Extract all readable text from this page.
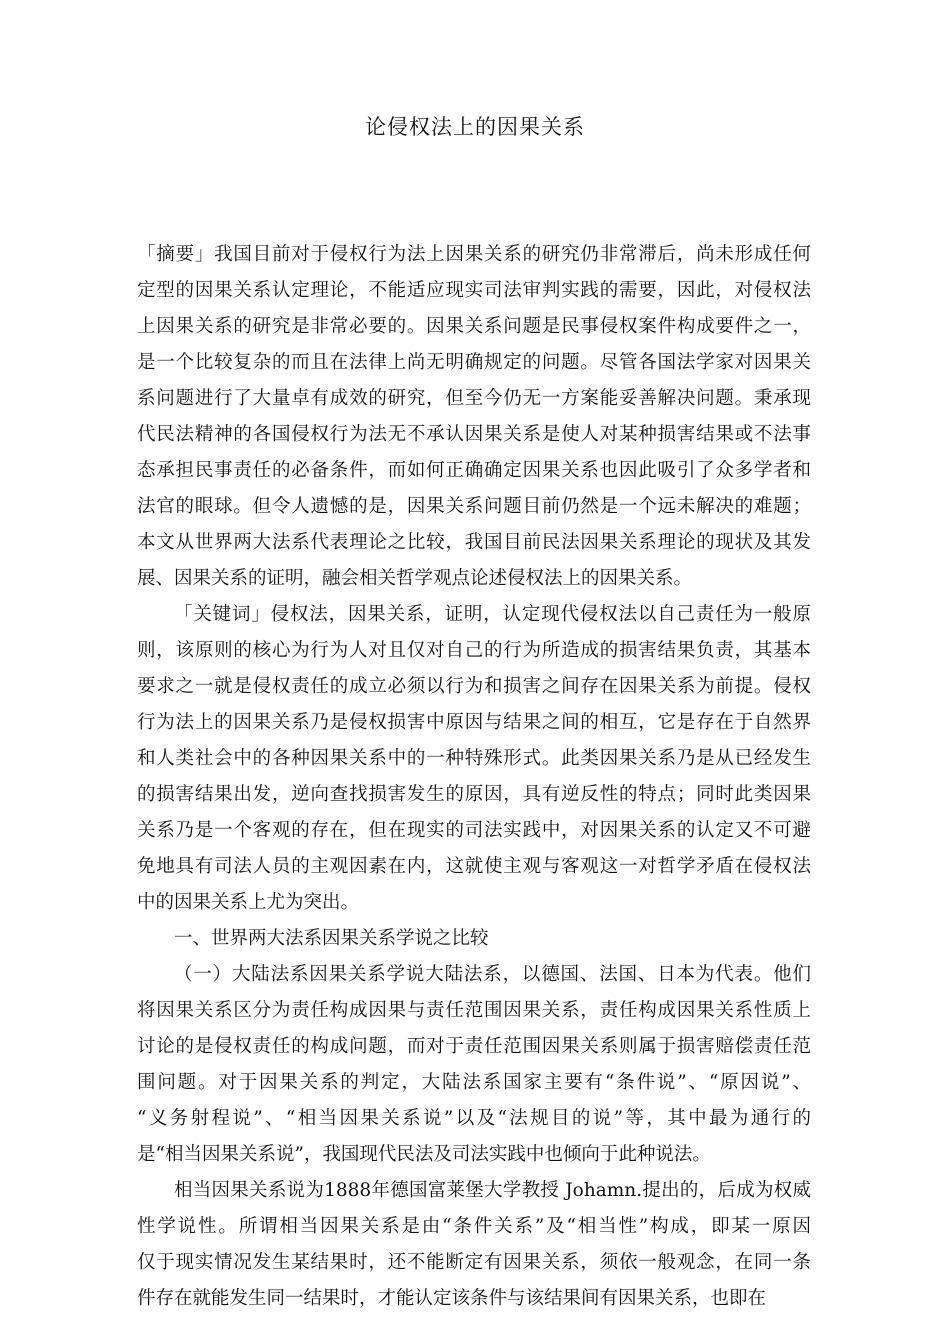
论侵权法上的因果关系
「摘要」我国目前对于侵权行为法上因果关系的研究仍非常滞后，尚未形成任何
定型的因果关系认定理论，不能适应现实司法审判实践的需要，因此，对侵权法
上因果关系的研究是非常必要的。因果关系问题是民事侵权案件构成要件之一，
是一个比较复杂的而且在法律上尚无明确规定的问题。尽管各国法学家对因果关
系问题进行了大量卓有成效的研究，但至今仍无一方案能妥善解决问题。秉承现
代民法精神的各国侵权行为法无不承认因果关系是使人对某种损害结果或不法事
态承担民事责任的必备条件，而如何正确确定因果关系也因此吸引了众多学者和
法官的眼球。但令人遗憾的是，因果关系问题目前仍然是一个远未解决的难题；
本文从世界两大法系代表理论之比较，我国目前民法因果关系理论的现状及其发
展、因果关系的证明，融会相关哲学观点论述侵权法上的因果关系。
「关键词」侵权法，因果关系，证明，认定现代侵权法以自己责任为一般原
则，该原则的核心为行为人对且仅对自己的行为所造成的损害结果负责，其基本
要求之一就是侵权责任的成立必须以行为和损害之间存在因果关系为前提。侵权
行为法上的因果关系乃是侵权损害中原因与结果之间的相互，它是存在于自然界
和人类社会中的各种因果关系中的一种特殊形式。此类因果关系乃是从已经发生
的损害结果出发，逆向查找损害发生的原因，具有逆反性的特点；同时此类因果
关系乃是一个客观的存在，但在现实的司法实践中，对因果关系的认定又不可避
免地具有司法人员的主观因素在内，这就使主观与客观这一对哲学矛盾在侵权法
中的因果关系上尤为突出。
一、世界两大法系因果关系学说之比较
（一）大陆法系因果关系学说大陆法系，以德国、法国、日本为代表。他们
将因果关系区分为责任构成因果与责任范围因果关系，责任构成因果关系性质上
讨论的是侵权责任的构成问题，而对于责任范围因果关系则属于损害赔偿责任范
围问题。对于因果关系的判定，大陆法系国家主要有“条件说”、“原因说”、
“义务射程说”、“相当因果关系说”以及“法规目的说”等，其中最为通行的
是“相当因果关系说”，我国现代民法及司法实践中也倾向于此种说法。
相当因果关系说为1888年德国富莱堡大学教授 Johamn.提出的，后成为权威
性学说性。所谓相当因果关系是由“条件关系”及“相当性”构成，即某一原因
仅于现实情况发生某结果时，还不能断定有因果关系，须依一般观念，在同一条
件存在就能发生同一结果时，才能认定该条件与该结果间有因果关系，也即在
